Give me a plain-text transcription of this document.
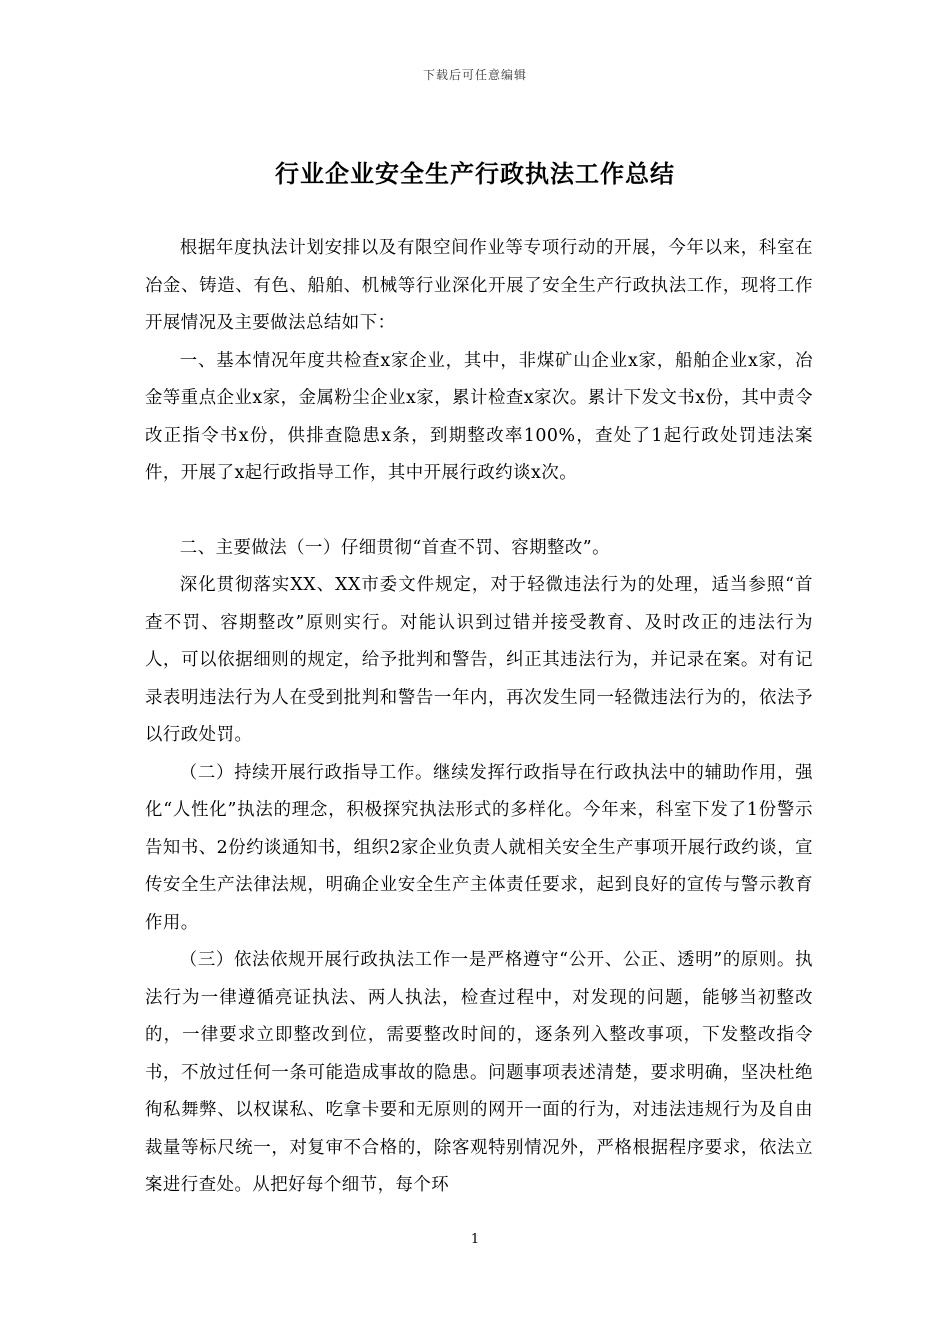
下载后可任意编辑
行业企业安全生产行政执法工作总结

根据年度执法计划安排以及有限空间作业等专项行动的开展，今年以来，科室在冶金、铸造、有色、船舶、机械等行业深化开展了安全生产行政执法工作，现将工作开展情况及主要做法总结如下：

一、基本情况年度共检查x家企业，其中，非煤矿山企业x家，船舶企业x家，冶金等重点企业x家，金属粉尘企业x家，累计检查x家次。累计下发文书x份，其中责令改正指令书x份，供排查隐患x条，到期整改率100%，查处了1起行政处罚违法案件，开展了x起行政指导工作，其中开展行政约谈x次。

二、主要做法（一）仔细贯彻“首查不罚、容期整改”。

深化贯彻落实XX、XX市委文件规定，对于轻微违法行为的处理，适当参照“首查不罚、容期整改”原则实行。对能认识到过错并接受教育、及时改正的违法行为人，可以依据细则的规定，给予批判和警告，纠正其违法行为，并记录在案。对有记录表明违法行为人在受到批判和警告一年内，再次发生同一轻微违法行为的，依法予以行政处罚。

（二）持续开展行政指导工作。继续发挥行政指导在行政执法中的辅助作用，强化“人性化”执法的理念，积极探究执法形式的多样化。今年来，科室下发了1份警示告知书、2份约谈通知书，组织2家企业负责人就相关安全生产事项开展行政约谈，宣传安全生产法律法规，明确企业安全生产主体责任要求，起到良好的宣传与警示教育作用。

（三）依法依规开展行政执法工作一是严格遵守“公开、公正、透明”的原则。执法行为一律遵循亮证执法、两人执法，检查过程中，对发现的问题，能够当初整改的，一律要求立即整改到位，需要整改时间的，逐条列入整改事项，下发整改指令书，不放过任何一条可能造成事故的隐患。问题事项表述清楚，要求明确，坚决杜绝徇私舞弊、以权谋私、吃拿卡要和无原则的网开一面的行为，对违法违规行为及自由裁量等标尺统一，对复审不合格的，除客观特别情况外，严格根据程序要求，依法立案进行查处。从把好每个细节，每个环

1
